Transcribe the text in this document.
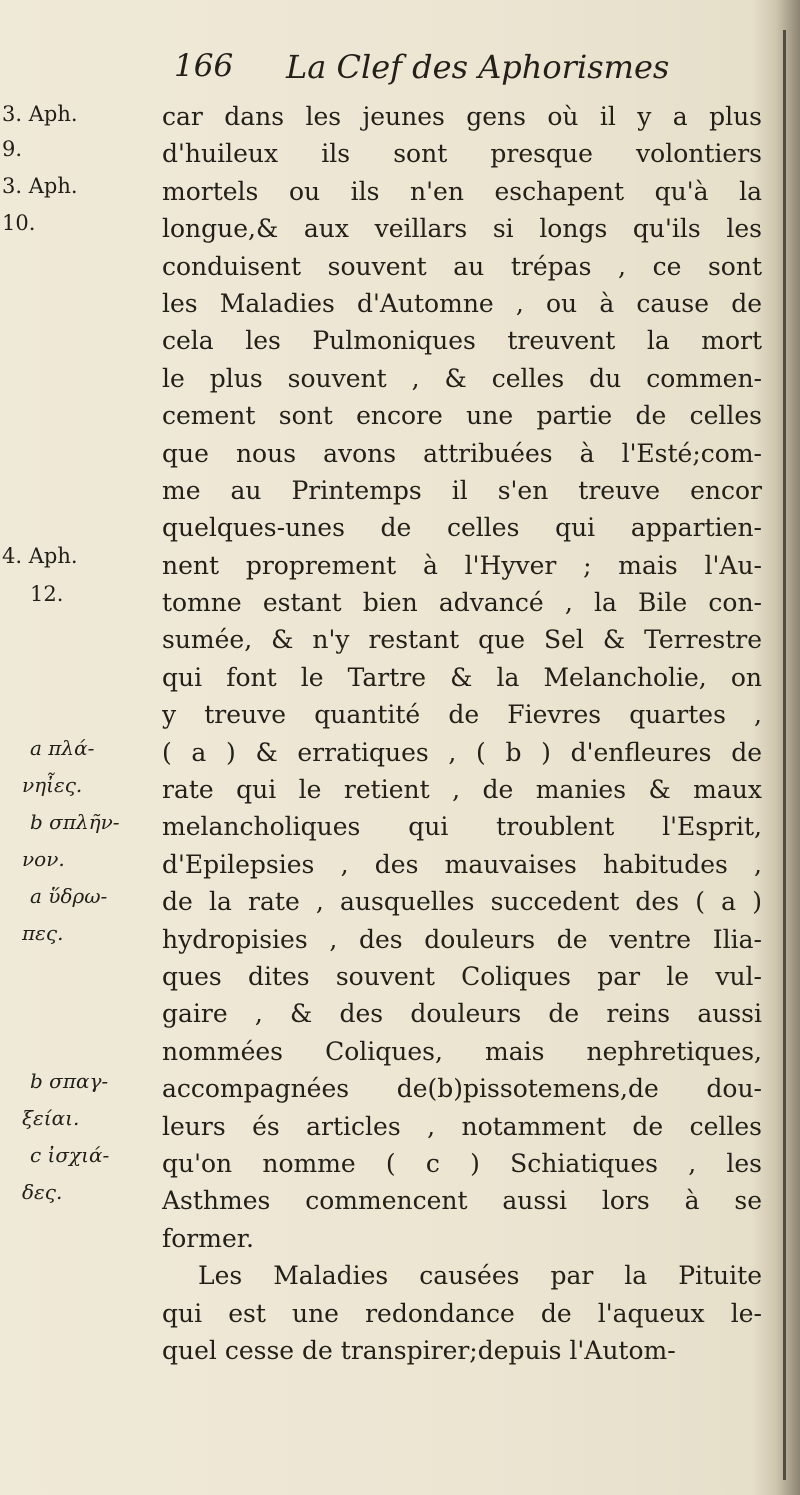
166 La Clef des Aphorismes
3. Aph.
9.
3. Aph.
10.
4. Aph.
12.
a πλά-
νηἶες.
b σπλῆν-
νον.
a ὕδρω-
πες.
b σπαγ-
ξείαι.
c ἰσχιά-
δες.
car dans les jeunes gens où il y a plus
d'huileux ils sont presque volontiers
mortels ou ils n'en eschapent qu'à la
longue,& aux veillars si longs qu'ils les
conduisent souvent au trépas , ce sont
les Maladies d'Automne , ou à cause de
cela les Pulmoniques treuvent la mort
le plus souvent , & celles du commen-
cement sont encore une partie de celles
que nous avons attribuées à l'Esté;com-
me au Printemps il s'en treuve encor
quelques-unes de celles qui appartien-
nent proprement à l'Hyver ; mais l'Au-
tomne estant bien advancé , la Bile con-
sumée, & n'y restant que Sel & Terrestre
qui font le Tartre & la Melancholie, on
y treuve quantité de Fievres quartes ,
( a ) & erratiques , ( b ) d'enfleures de
rate qui le retient , de manies & maux
melancholiques qui troublent l'Esprit,
d'Epilepsies , des mauvaises habitudes ,
de la rate , ausquelles succedent des ( a )
hydropisies , des douleurs de ventre Ilia-
ques dites souvent Coliques par le vul-
gaire , & des douleurs de reins aussi
nommées Coliques, mais nephretiques,
accompagnées de(b)pissotemens,de dou-
leurs és articles , notamment de celles
qu'on nomme ( c ) Schiatiques , les
Asthmes commencent aussi lors à se
former.
Les Maladies causées par la Pituite
qui est une redondance de l'aqueux le-
quel cesse de transpirer;depuis l'Autom-
